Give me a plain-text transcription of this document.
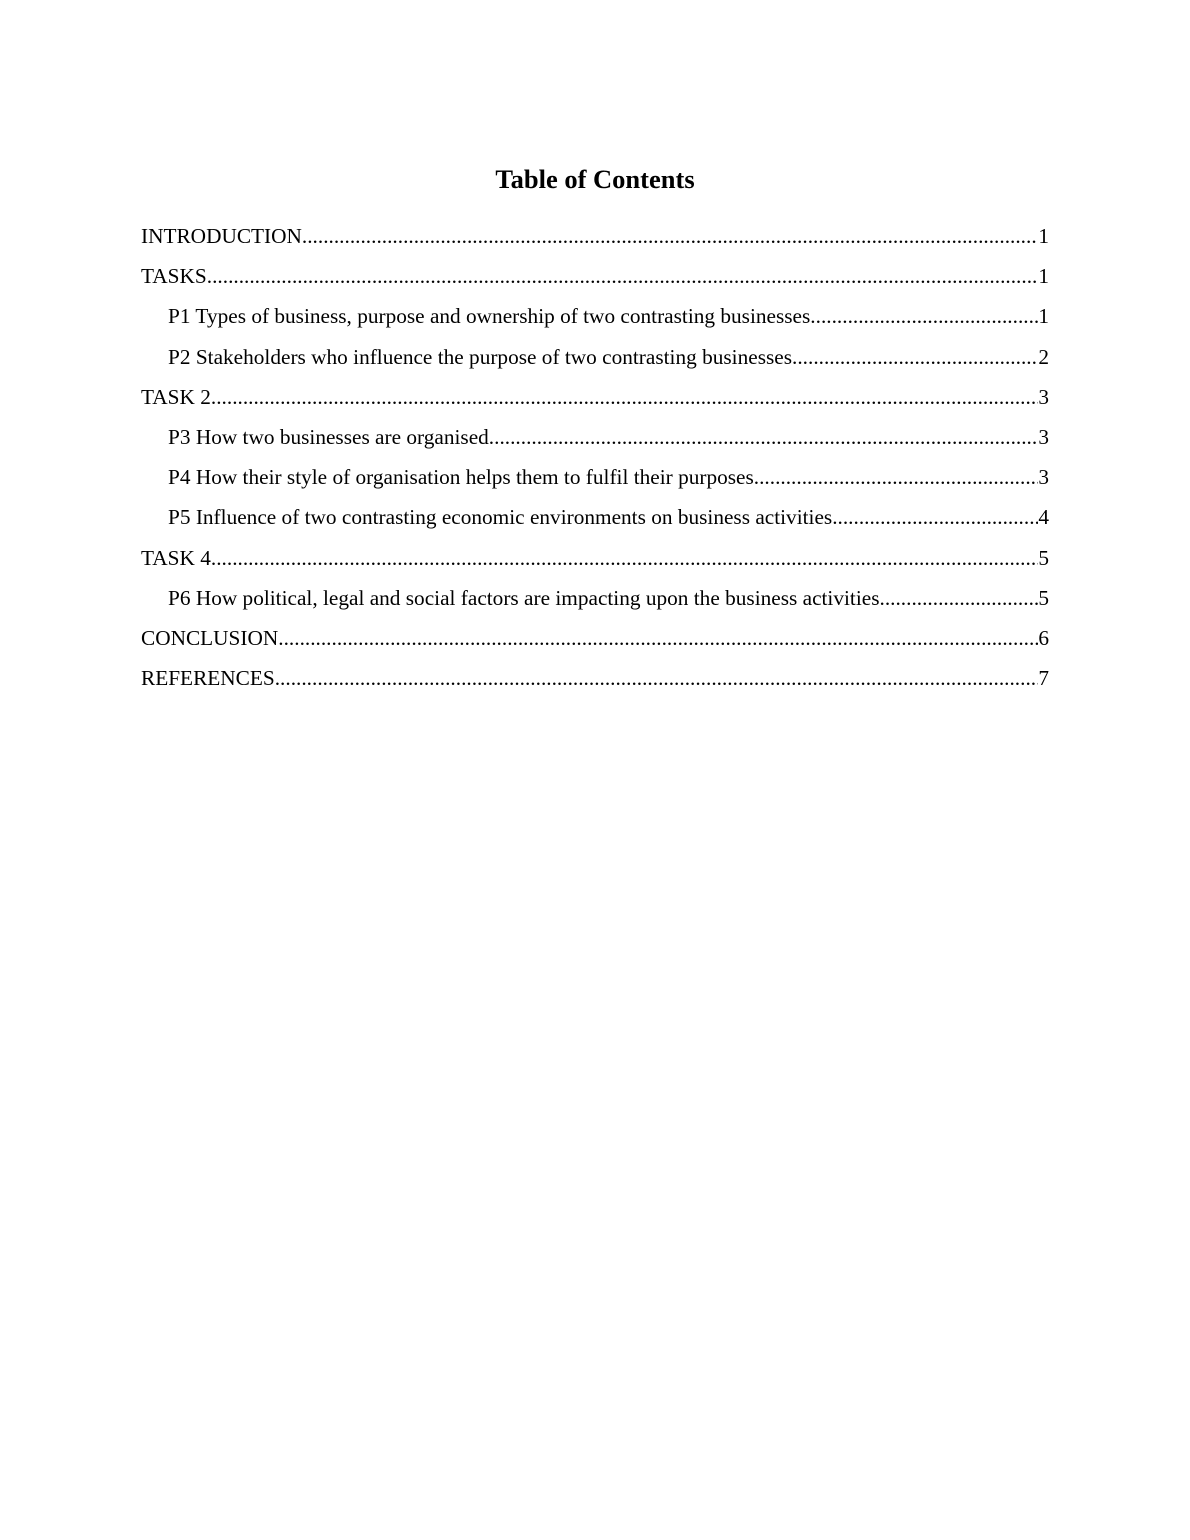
Table of Contents
INTRODUCTION .....	1
TASKS .....	1
P1 Types of business, purpose and ownership of two contrasting businesses .....	1
P2 Stakeholders who influence the purpose of two contrasting businesses .....	2
TASK 2 .....	3
P3 How two businesses are organised .....	3
P4 How their style of organisation helps them to fulfil their purposes .....	3
P5 Influence of two contrasting economic environments on business activities .....	4
TASK 4 .....	5
P6 How political, legal and social factors are impacting upon the business activities .....	5
CONCLUSION .....	6
REFERENCES .....	7
